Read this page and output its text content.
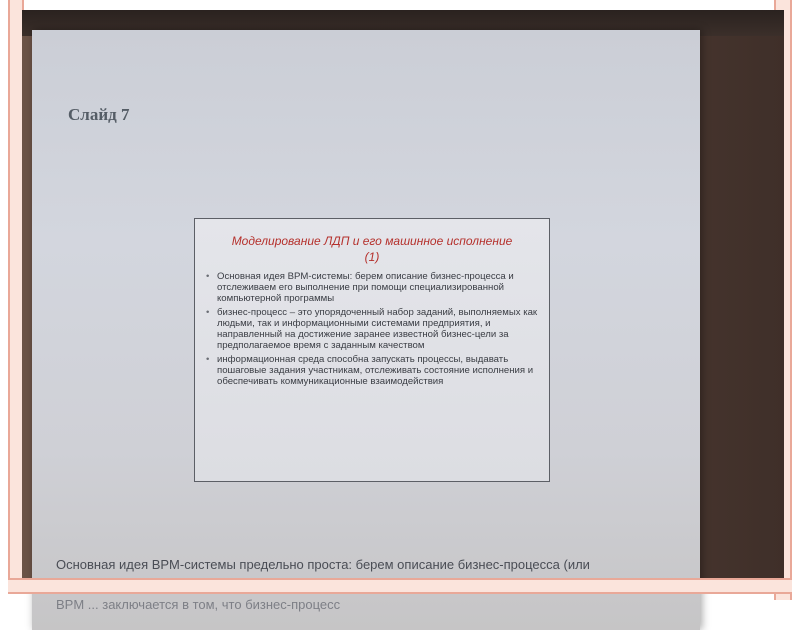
Слайд 7
Моделирование ЛДП и его машинное исполнение (1)
• Основная идея BPM-системы: берем описание бизнес-процесса и отслеживаем его выполнение при помощи специализированной компьютерной программы
• бизнес-процесс – это упорядоченный набор заданий, выполняемых как людьми, так и информационными системами предприятия, и направленный на достижение заранее известной бизнес-цели за предполагаемое время с заданным качеством
• информационная среда способна запускать процессы, выдавать пошаговые задания участникам, отслеживать состояние исполнения и обеспечивать коммуникационные взаимодействия

Основная идея BPM-системы предельно проста: берем описание бизнес-процесса (или

BPM ... заключается в том, что бизнес-процесс
